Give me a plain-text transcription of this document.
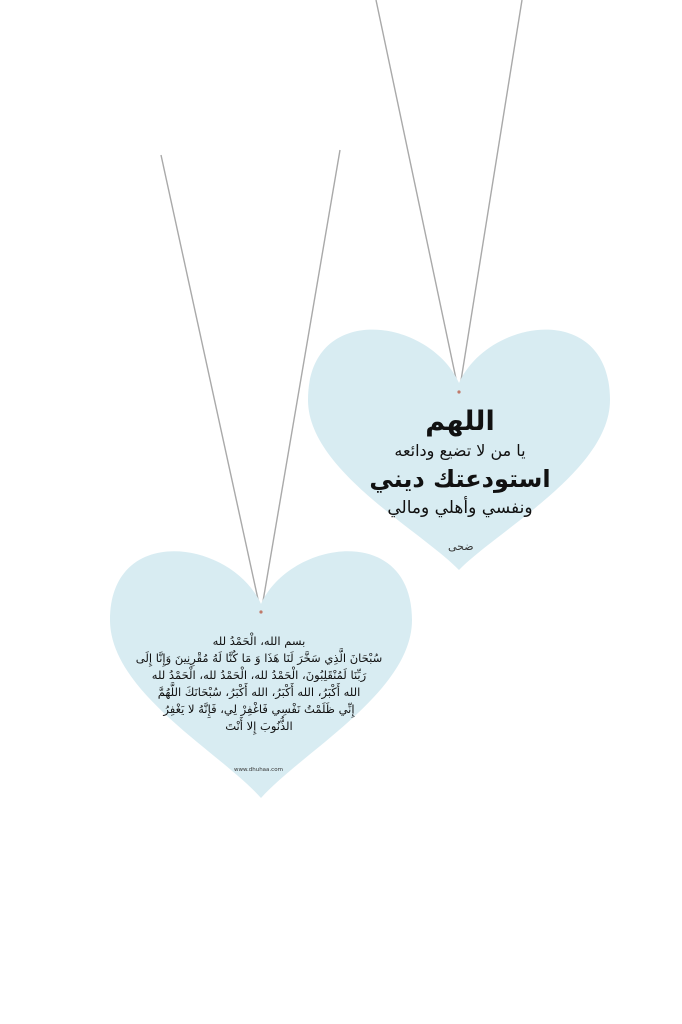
اللهم
يا من لا تضيع ودائعه
استودعتك ديني
ونفسي وأهلي ومالي
ضحى
بسم الله، الْحَمْدُ لله
سُبْحَانَ الَّذِي سَخَّرَ لَنَا هَذَا وَ مَا كُنَّا لَهُ مُقْرِنِينَ وَإِنَّا إِلَى
رَبِّنَا لَمُنْقَلِبُونَ، الْحَمْدُ لله، الْحَمْدُ لله، الْحَمْدُ لله
الله أَكْبَرُ، الله أَكْبَرُ، الله أَكْبَرُ، سُبْحَانَكَ اللَّهُمَّ
إِنِّي ظَلَمْتُ نَفْسِي فَاغْفِرْ لِي، فَإِنَّهُ لا يَغْفِرُ
الذُّنُوبَ إِلا أَنْتَ
www.dhuhaa.com
